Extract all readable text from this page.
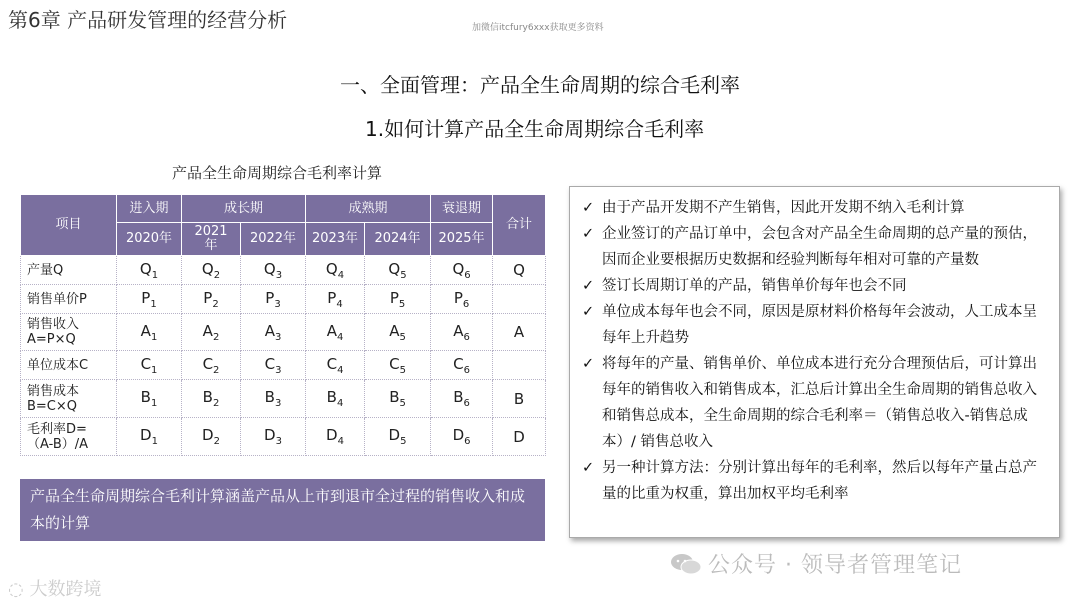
第6章 产品研发管理的经营分析	加微信itcfury6xxx获取更多资料
一、全面管理：产品全生命周期的综合毛利率
1.如何计算产品全生命周期综合毛利率
产品全生命周期综合毛利率计算
项目	进入期	成长期		成熟期		衰退期	合计
	2020年	2021年	2022年	2023年	2024年	2025年	
产量Q	$Q_1$	$Q_2$	$Q_3$	$Q_4$	$Q_5$	$Q_6$	Q
销售单价P	$P_1$	$P_2$	$P_3$	$P_4$	$P_5$	$P_6$	
销售收入
A=P×Q	$A_1$	$A_2$	$A_3$	$A_4$	$A_5$	$A_6$	A
单位成本C	$C_1$	$C_2$	$C_3$	$C_4$	$C_5$	$C_6$	
销售成本
B=C×Q	$B_1$	$B_2$	$B_3$	$B_4$	$B_5$	$B_6$	B
毛利率D=
（A-B）/A	$D_1$	$D_2$	$D_3$	$D_4$	$D_5$	$D_6$	D
产品全生命周期综合毛利计算涵盖产品从上市到退市全过程的销售收入和成本的计算
✓ 由于产品开发期不产生销售，因此开发期不纳入毛利计算
✓ 企业签订的产品订单中，会包含对产品全生命周期的总产量的预估，因而企业要根据历史数据和经验判断每年相对可靠的产量数
✓ 签订长周期订单的产品，销售单价每年也会不同
✓ 单位成本每年也会不同，原因是原材料价格每年会波动，人工成本呈每年上升趋势
✓ 将每年的产量、销售单价、单位成本进行充分合理预估后，可计算出每年的销售收入和销售成本，汇总后计算出全生命周期的销售总收入和销售总成本，全生命周期的综合毛利率＝（销售总收入-销售总成本）/ 销售总收入
✓ 另一种计算方法：分别计算出每年的毛利率，然后以每年产量占总产量的比重为权重，算出加权平均毛利率
公众号 · 领导者管理笔记
◌ 大数跨境
